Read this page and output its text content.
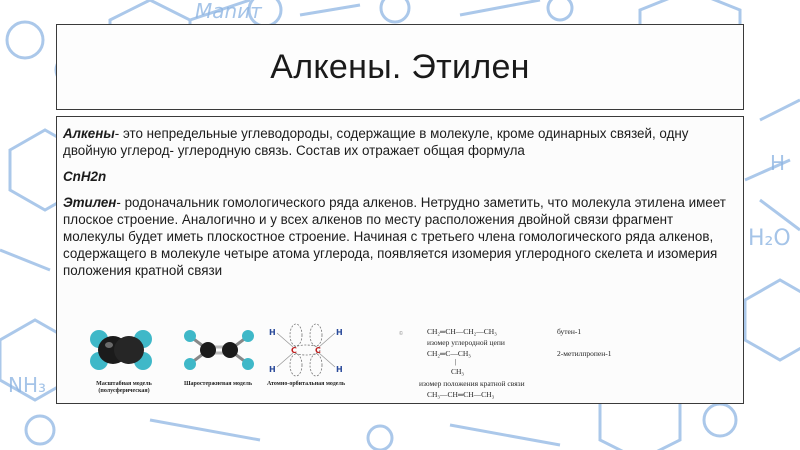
Маnит
H₂O
H
NH₃
Алкены. Этилен

Алкены- это непредельные углеводороды, содержащие в молекуле, кроме одинарных связей, одну двойную углерод- углеродную связь. Состав их отражает общая формула

CnH2n

Этилен- родоначальник гомологического ряда алкенов. Нетрудно заметить, что молекула этилена имеет плоское строение. Аналогично и у всех алкенов по месту расположения двойной связи фрагмент молекулы будет иметь плоскостное строение. Начиная с третьего члена гомологического ряда алкенов, содержащего в молекуле четыре атома углерода, появляется изомерия углеродного скелета и изомерия положения кратной связи

Масштабная модель (полусферическая)
Шаростержневая модель
H
H
H
H
C C
Атомно-орбитальная модель
©	CH₂═CH—CH₂—CH₃	бутен-1
изомер углеродной цепи
CH₂═C—CH₃	2-метилпропен-1
|
CH₃
изомер положения кратной связи
CH₃—CH═CH—CH₃
